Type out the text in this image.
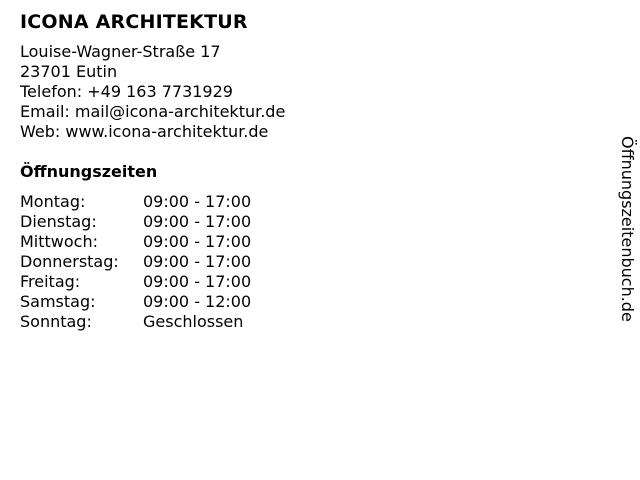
ICONA ARCHITEKTUR
Louise-Wagner-Straße 17
23701 Eutin
Telefon: +49 163 7731929
Email: mail@icona-architektur.de
Web: www.icona-architektur.de
Öffnungszeiten
Montag:	09:00 - 17:00
Dienstag:	09:00 - 17:00
Mittwoch:	09:00 - 17:00
Donnerstag:	09:00 - 17:00
Freitag:	09:00 - 17:00
Samstag:	09:00 - 12:00
Sonntag:	Geschlossen	Öffnungszeitenbuch.de
